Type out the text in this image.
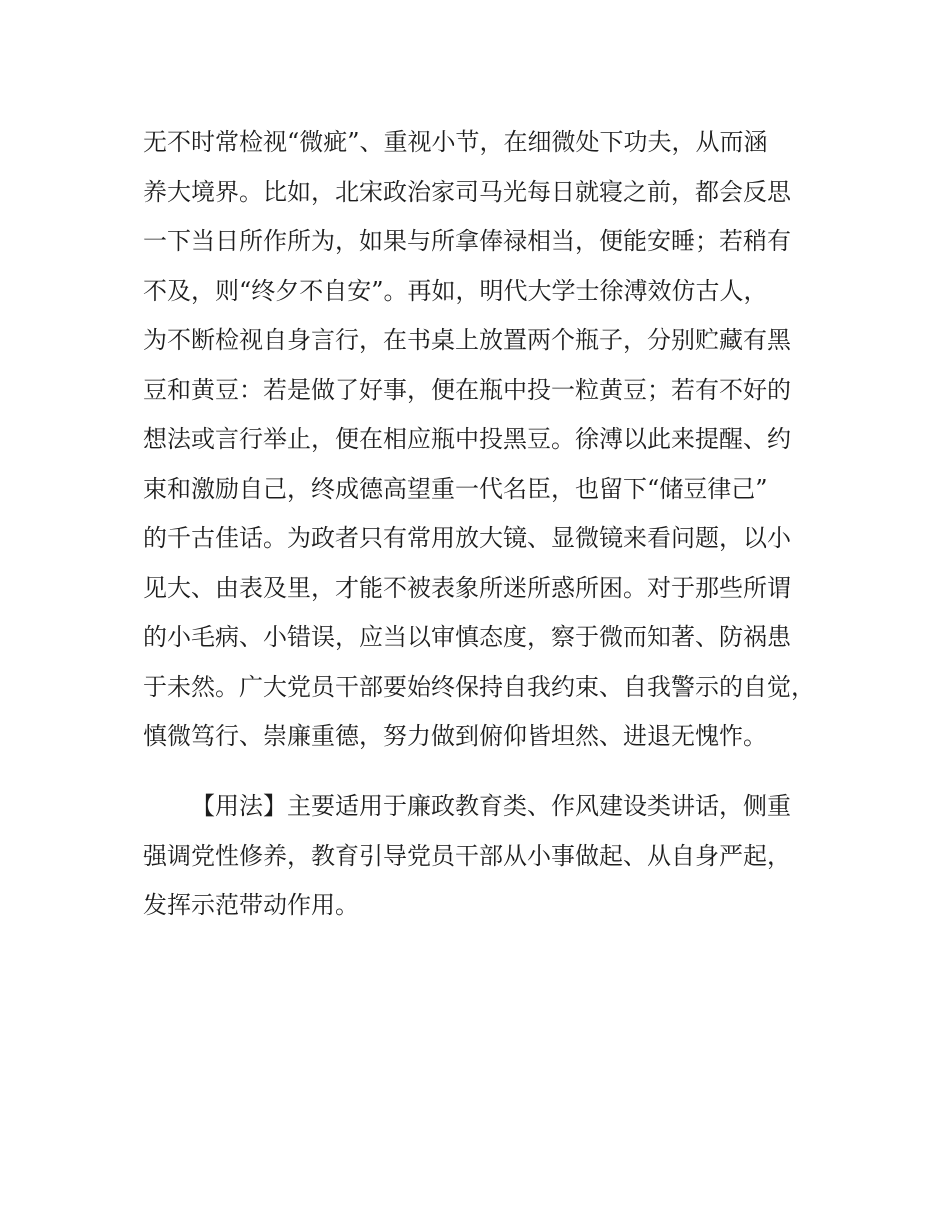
无不时常检视“微疵”、重视小节，在细微处下功夫，从而涵
养大境界。比如，北宋政治家司马光每日就寝之前，都会反思
一下当日所作所为，如果与所拿俸禄相当，便能安睡；若稍有
不及，则“终夕不自安”。再如，明代大学士徐溥效仿古人，
为不断检视自身言行，在书桌上放置两个瓶子，分别贮藏有黑
豆和黄豆：若是做了好事，便在瓶中投一粒黄豆；若有不好的
想法或言行举止，便在相应瓶中投黑豆。徐溥以此来提醒、约
束和激励自己，终成德高望重一代名臣，也留下“储豆律己”
的千古佳话。为政者只有常用放大镜、显微镜来看问题，以小
见大、由表及里，才能不被表象所迷所惑所困。对于那些所谓
的小毛病、小错误，应当以审慎态度，察于微而知著、防祸患
于未然。广大党员干部要始终保持自我约束、自我警示的自觉，
慎微笃行、崇廉重德，努力做到俯仰皆坦然、进退无愧怍。
【用法】主要适用于廉政教育类、作风建设类讲话，侧重
强调党性修养，教育引导党员干部从小事做起、从自身严起，
发挥示范带动作用。
